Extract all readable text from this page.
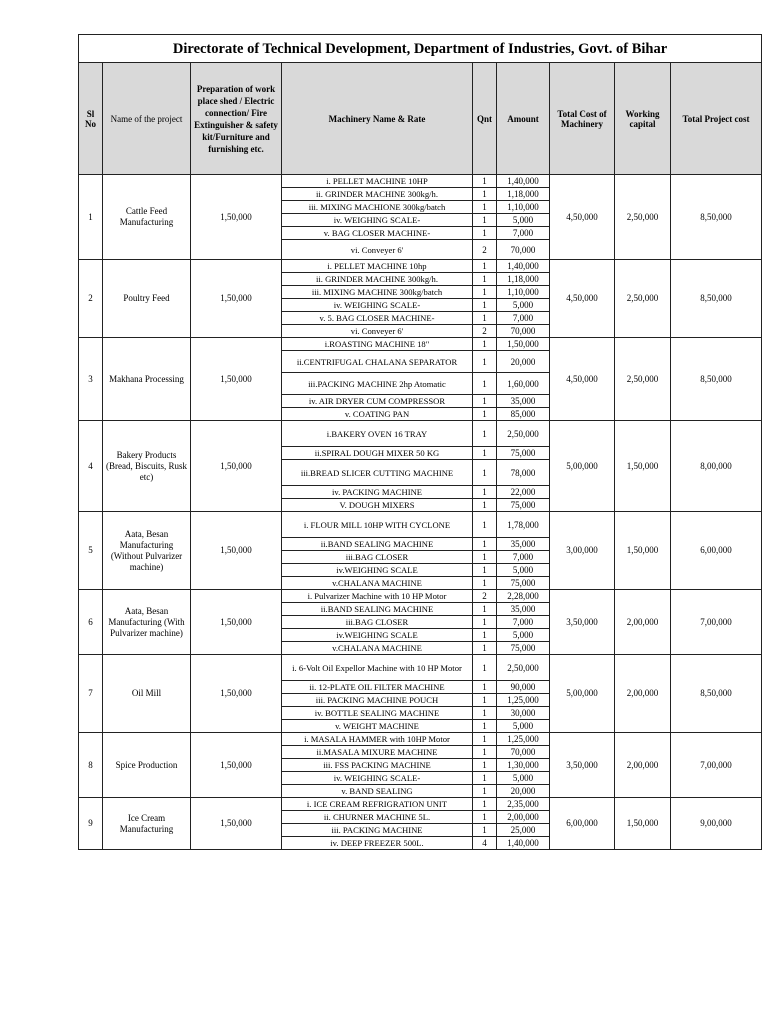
Directorate of Technical Development, Department of Industries, Govt. of Bihar								
Sl No	Name of the project	Preparation of work place shed / Electric connection/ Fire Extinguisher & safety kit/Furniture and furnishing etc.	Machinery Name & Rate	Qnt	Amount	Total Cost of Machinery	Working capital	Total Project cost
1	Cattle Feed Manufacturing	1,50,000	i. PELLET MACHINE 10HP	1	1,40,000	4,50,000	2,50,000	8,50,000
			ii. GRINDER MACHINE 300kg/h.	1	1,18,000			
			iii. MIXING MACHIONE 300kg/batch	1	1,10,000			
			iv. WEIGHING SCALE-	1	5,000			
			v. BAG CLOSER MACHINE-	1	7,000			
			vi. Conveyer 6'	2	70,000			
2	Poultry Feed	1,50,000	i. PELLET MACHINE 10hp	1	1,40,000	4,50,000	2,50,000	8,50,000
			ii. GRINDER MACHINE 300kg/h.	1	1,18,000			
			iii. MIXING MACHINE 300kg/batch	1	1,10,000			
			iv. WEIGHING SCALE-	1	5,000			
			v. 5. BAG CLOSER MACHINE-	1	7,000			
			vi. Conveyer 6'	2	70,000			
3	Makhana Processing	1,50,000	i.ROASTING MACHINE 18"	1	1,50,000	4,50,000	2,50,000	8,50,000
			ii.CENTRIFUGAL CHALANA SEPARATOR	1	20,000			
			iii.PACKING MACHINE 2hp Atomatic	1	1,60,000			
			iv. AIR DRYER CUM COMPRESSOR	1	35,000			
			v. COATING PAN	1	85,000			
4	Bakery Products (Bread, Biscuits, Rusk etc)	1,50,000	i.BAKERY OVEN 16 TRAY	1	2,50,000	5,00,000	1,50,000	8,00,000
			ii.SPIRAL DOUGH MIXER 50 KG	1	75,000			
			iii.BREAD SLICER CUTTING MACHINE	1	78,000			
			iv. PACKING MACHINE	1	22,000			
			V. DOUGH MIXERS	1	75,000			
5	Aata, Besan Manufacturing (Without Pulvarizer machine)	1,50,000	i. FLOUR MILL 10HP WITH CYCLONE	1	1,78,000	3,00,000	1,50,000	6,00,000
			ii.BAND SEALING MACHINE	1	35,000			
			iii.BAG CLOSER	1	7,000			
			iv.WEIGHING SCALE	1	5,000			
			v.CHALANA MACHINE	1	75,000			
6	Aata, Besan Manufacturing (With Pulvarizer machine)	1,50,000	i. Pulvarizer Machine with 10 HP Motor	2	2,28,000	3,50,000	2,00,000	7,00,000
			ii.BAND SEALING MACHINE	1	35,000			
			iii.BAG CLOSER	1	7,000			
			iv.WEIGHING SCALE	1	5,000			
			v.CHALANA MACHINE	1	75,000			
7	Oil Mill	1,50,000	i. 6-Volt Oil Expellor Machine with 10 HP Motor	1	2,50,000	5,00,000	2,00,000	8,50,000
			ii. 12-PLATE OIL FILTER MACHINE	1	90,000			
			iii. PACKING MACHINE POUCH	1	1,25,000			
			iv. BOTTLE SEALING MACHINE	1	30,000			
			v. WEIGHT MACHINE	1	5,000			
8	Spice Production	1,50,000	i. MASALA HAMMER with 10HP Motor	1	1,25,000	3,50,000	2,00,000	7,00,000
			ii.MASALA MIXURE MACHINE	1	70,000			
			iii. FSS PACKING MACHINE	1	1,30,000			
			iv. WEIGHING SCALE-	1	5,000			
			v. BAND SEALING	1	20,000			
9	Ice Cream Manufacturing	1,50,000	i. ICE CREAM REFRIGRATION UNIT	1	2,35,000	6,00,000	1,50,000	9,00,000
			ii. CHURNER MACHINE 5L.	1	2,00,000			
			iii. PACKING MACHINE	1	25,000			
			iv. DEEP FREEZER 500L.	4	1,40,000			
